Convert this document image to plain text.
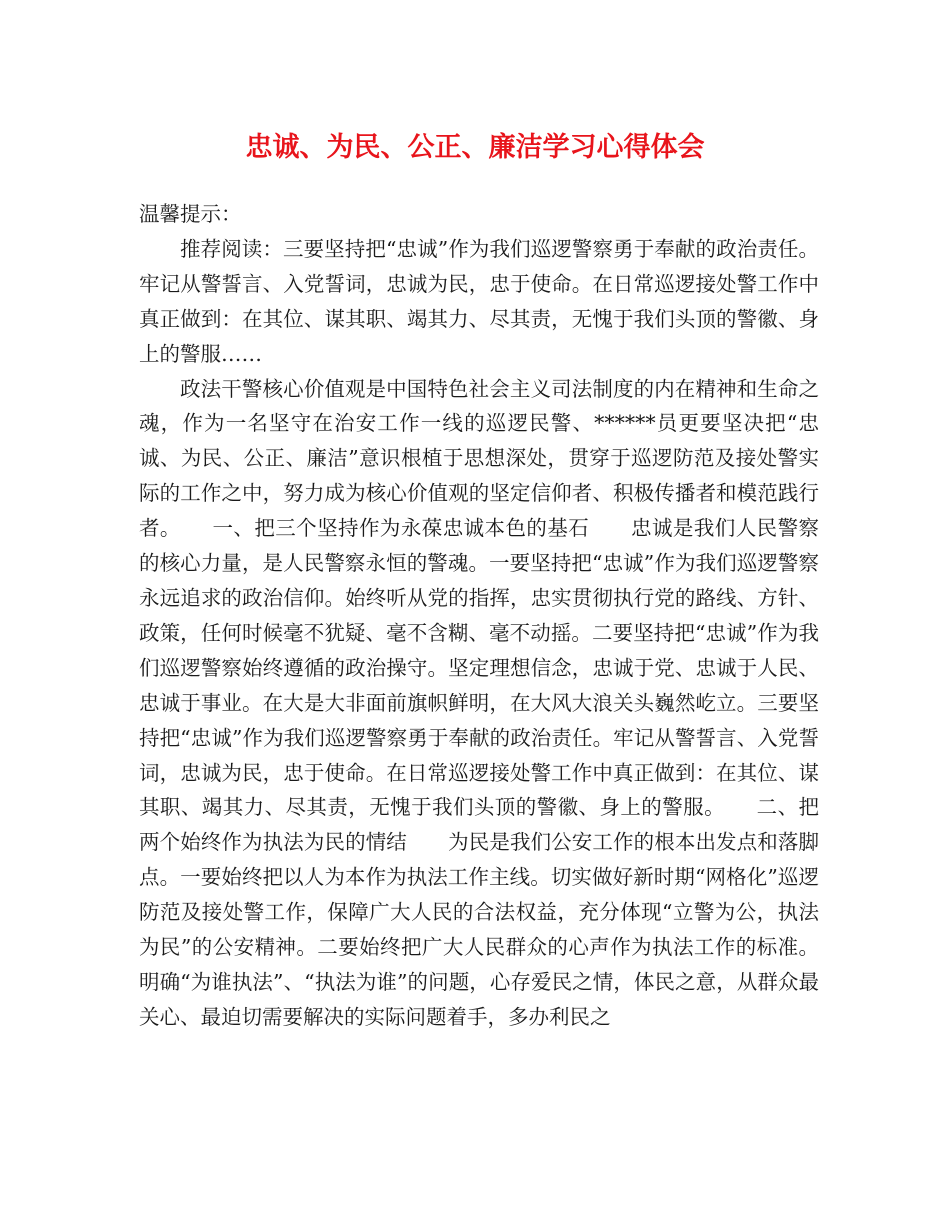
忠诚、为民、公正、廉洁学习心得体会

温馨提示：

推荐阅读：三要坚持把“忠诚”作为我们巡逻警察勇于奉献的政治责任。牢记从警誓言、入党誓词，忠诚为民，忠于使命。在日常巡逻接处警工作中真正做到：在其位、谋其职、竭其力、尽其责，无愧于我们头顶的警徽、身上的警服……

政法干警核心价值观是中国特色社会主义司法制度的内在精神和生命之魂，作为一名坚守在治安工作一线的巡逻民警、******员更要坚决把“忠诚、为民、公正、廉洁”意识根植于思想深处，贯穿于巡逻防范及接处警实际的工作之中，努力成为核心价值观的坚定信仰者、积极传播者和模范践行者。　　一、把三个坚持作为永葆忠诚本色的基石　　忠诚是我们人民警察的核心力量，是人民警察永恒的警魂。一要坚持把“忠诚”作为我们巡逻警察永远追求的政治信仰。始终听从党的指挥，忠实贯彻执行党的路线、方针、政策，任何时候毫不犹疑、毫不含糊、毫不动摇。二要坚持把“忠诚”作为我们巡逻警察始终遵循的政治操守。坚定理想信念，忠诚于党、忠诚于人民、忠诚于事业。在大是大非面前旗帜鲜明，在大风大浪关头巍然屹立。三要坚持把“忠诚”作为我们巡逻警察勇于奉献的政治责任。牢记从警誓言、入党誓词，忠诚为民，忠于使命。在日常巡逻接处警工作中真正做到：在其位、谋其职、竭其力、尽其责，无愧于我们头顶的警徽、身上的警服。　　二、把两个始终作为执法为民的情结　　为民是我们公安工作的根本出发点和落脚点。一要始终把以人为本作为执法工作主线。切实做好新时期“网格化”巡逻防范及接处警工作，保障广大人民的合法权益，充分体现“立警为公，执法为民”的公安精神。二要始终把广大人民群众的心声作为执法工作的标准。明确“为谁执法”、“执法为谁”的问题，心存爱民之情，体民之意，从群众最关心、最迫切需要解决的实际问题着手，多办利民之
